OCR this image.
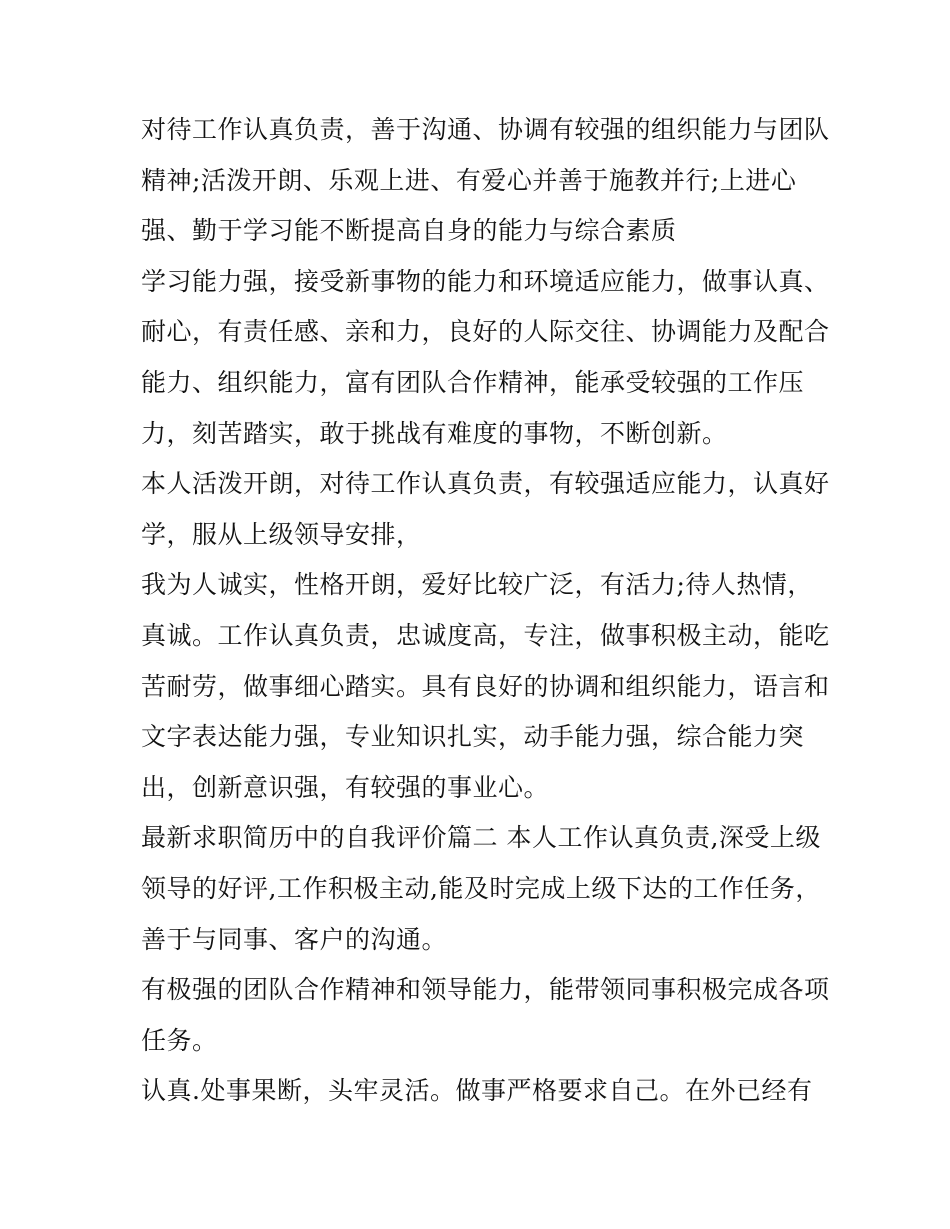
对待工作认真负责，善于沟通、协调有较强的组织能力与团队
精神;活泼开朗、乐观上进、有爱心并善于施教并行;上进心
强、勤于学习能不断提高自身的能力与综合素质
学习能力强，接受新事物的能力和环境适应能力，做事认真、
耐心，有责任感、亲和力，良好的人际交往、协调能力及配合
能力、组织能力，富有团队合作精神，能承受较强的工作压
力，刻苦踏实，敢于挑战有难度的事物，不断创新。
本人活泼开朗，对待工作认真负责，有较强适应能力，认真好
学，服从上级领导安排，
我为人诚实，性格开朗，爱好比较广泛，有活力;待人热情，
真诚。工作认真负责，忠诚度高，专注，做事积极主动，能吃
苦耐劳，做事细心踏实。具有良好的协调和组织能力，语言和
文字表达能力强，专业知识扎实，动手能力强，综合能力突
出，创新意识强，有较强的事业心。
最新求职简历中的自我评价篇二 本人工作认真负责,深受上级
领导的好评,工作积极主动,能及时完成上级下达的工作任务，
善于与同事、客户的沟通。
有极强的团队合作精神和领导能力，能带领同事积极完成各项
任务。
认真.处事果断，头牢灵活。做事严格要求自己。在外已经有
